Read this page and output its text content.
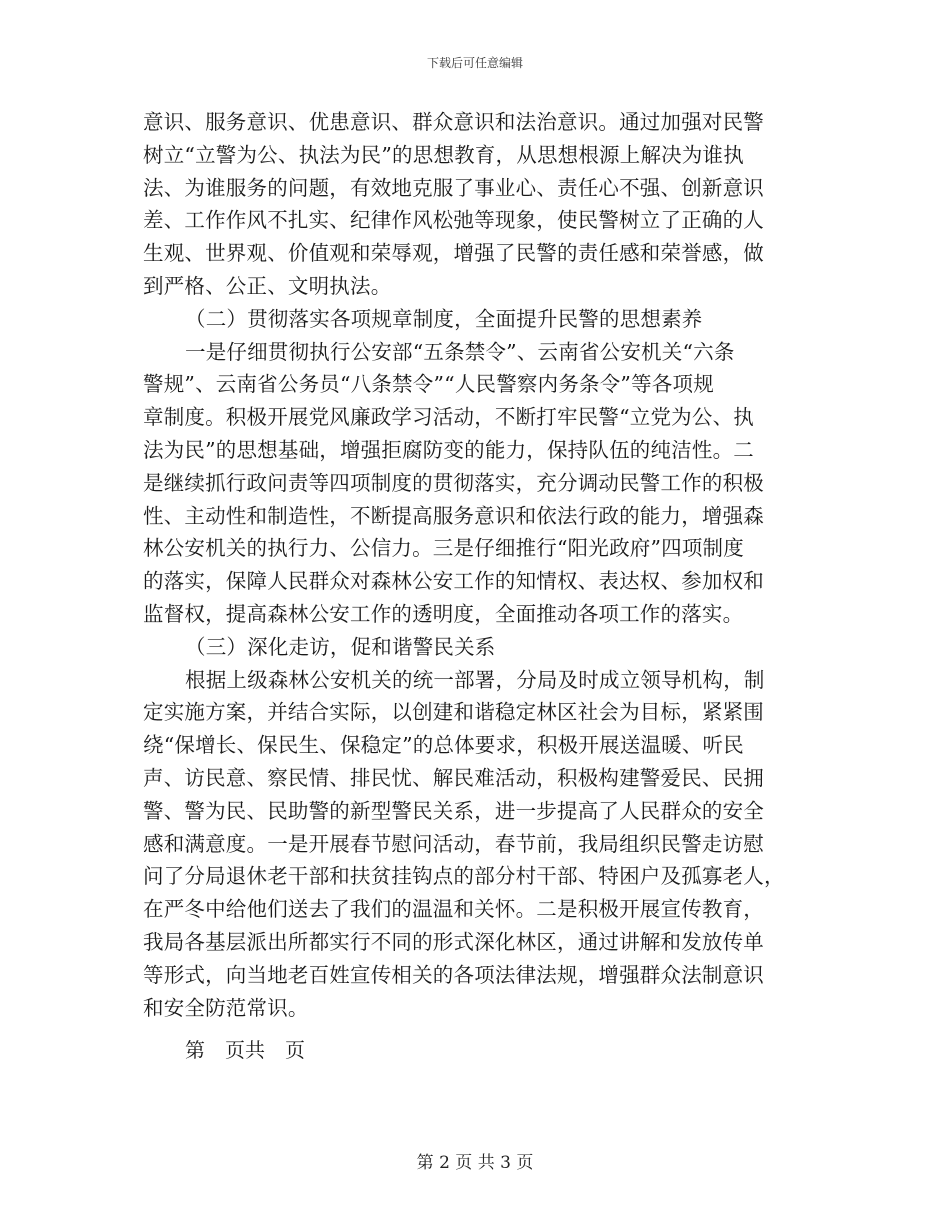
下载后可任意编辑
意识、服务意识、优患意识、群众意识和法治意识。通过加强对民警
树立“立警为公、执法为民”的思想教育，从思想根源上解决为谁执
法、为谁服务的问题，有效地克服了事业心、责任心不强、创新意识
差、工作作风不扎实、纪律作风松弛等现象，使民警树立了正确的人
生观、世界观、价值观和荣辱观，增强了民警的责任感和荣誉感，做
到严格、公正、文明执法。
（二）贯彻落实各项规章制度，全面提升民警的思想素养
一是仔细贯彻执行公安部“五条禁令”、云南省公安机关“六条
警规”、云南省公务员“八条禁令”“人民警察内务条令”等各项规
章制度。积极开展党风廉政学习活动，不断打牢民警“立党为公、执
法为民”的思想基础，增强拒腐防变的能力，保持队伍的纯洁性。二
是继续抓行政问责等四项制度的贯彻落实，充分调动民警工作的积极
性、主动性和制造性，不断提高服务意识和依法行政的能力，增强森
林公安机关的执行力、公信力。三是仔细推行“阳光政府”四项制度
的落实，保障人民群众对森林公安工作的知情权、表达权、参加权和
监督权，提高森林公安工作的透明度，全面推动各项工作的落实。
（三）深化走访，促和谐警民关系
根据上级森林公安机关的统一部署，分局及时成立领导机构，制
定实施方案，并结合实际，以创建和谐稳定林区社会为目标，紧紧围
绕“保增长、保民生、保稳定”的总体要求，积极开展送温暖、听民
声、访民意、察民情、排民忧、解民难活动，积极构建警爱民、民拥
警、警为民、民助警的新型警民关系，进一步提高了人民群众的安全
感和满意度。一是开展春节慰问活动，春节前，我局组织民警走访慰
问了分局退休老干部和扶贫挂钩点的部分村干部、特困户及孤寡老人，
在严冬中给他们送去了我们的温温和关怀。二是积极开展宣传教育，
我局各基层派出所都实行不同的形式深化林区，通过讲解和发放传单
等形式，向当地老百姓宣传相关的各项法律法规，增强群众法制意识
和安全防范常识。
第　页共　页
第 2 页 共 3 页
